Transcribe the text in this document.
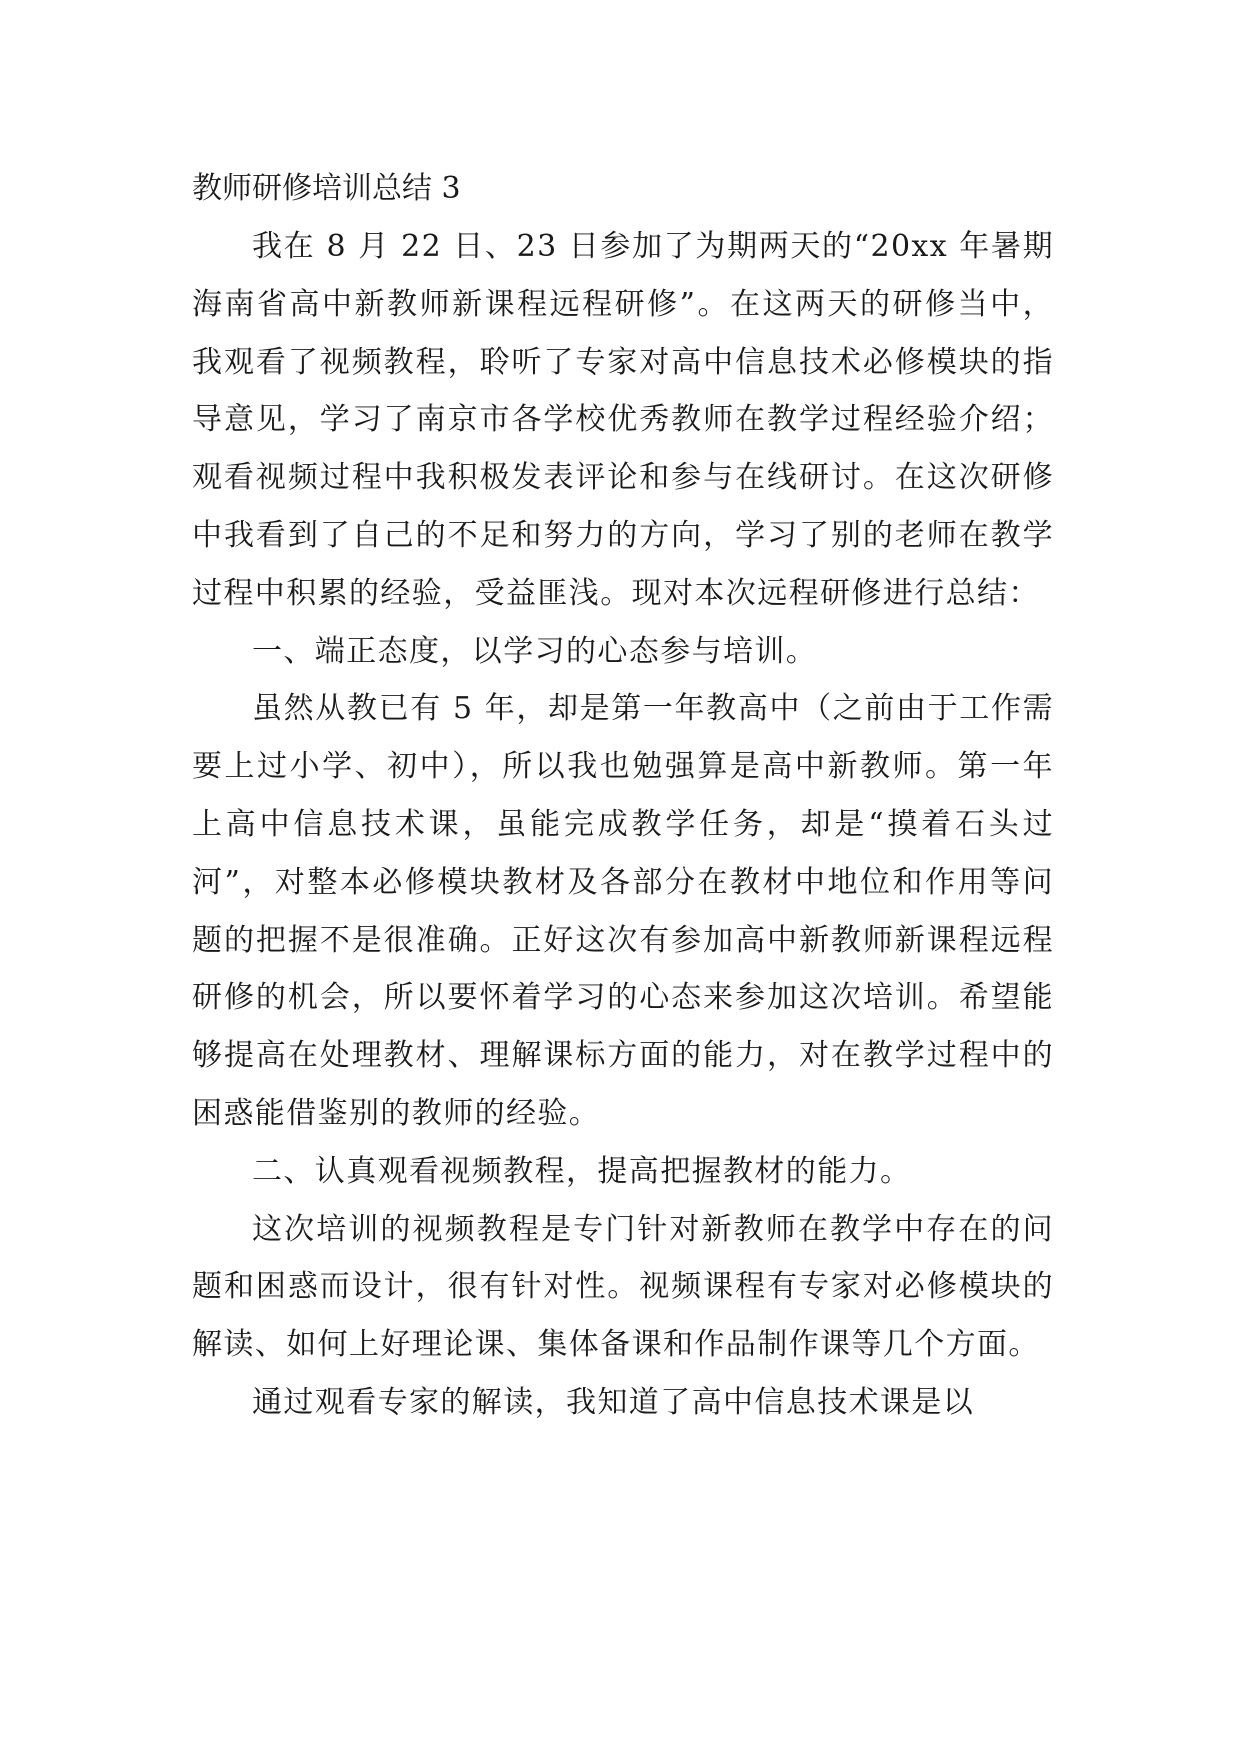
教师研修培训总结 3

我在 8 月 22 日、23 日参加了为期两天的“20xx 年暑期海南省高中新教师新课程远程研修”。在这两天的研修当中，我观看了视频教程，聆听了专家对高中信息技术必修模块的指导意见，学习了南京市各学校优秀教师在教学过程经验介绍；观看视频过程中我积极发表评论和参与在线研讨。在这次研修中我看到了自己的不足和努力的方向，学习了别的老师在教学过程中积累的经验，受益匪浅。现对本次远程研修进行总结：

一、端正态度，以学习的心态参与培训。

虽然从教已有 5 年，却是第一年教高中（之前由于工作需要上过小学、初中），所以我也勉强算是高中新教师。第一年上高中信息技术课，虽能完成教学任务，却是“摸着石头过河”，对整本必修模块教材及各部分在教材中地位和作用等问题的把握不是很准确。正好这次有参加高中新教师新课程远程研修的机会，所以要怀着学习的心态来参加这次培训。希望能够提高在处理教材、理解课标方面的能力，对在教学过程中的困惑能借鉴别的教师的经验。

二、认真观看视频教程，提高把握教材的能力。

这次培训的视频教程是专门针对新教师在教学中存在的问题和困惑而设计，很有针对性。视频课程有专家对必修模块的解读、如何上好理论课、集体备课和作品制作课等几个方面。

通过观看专家的解读，我知道了高中信息技术课是以
